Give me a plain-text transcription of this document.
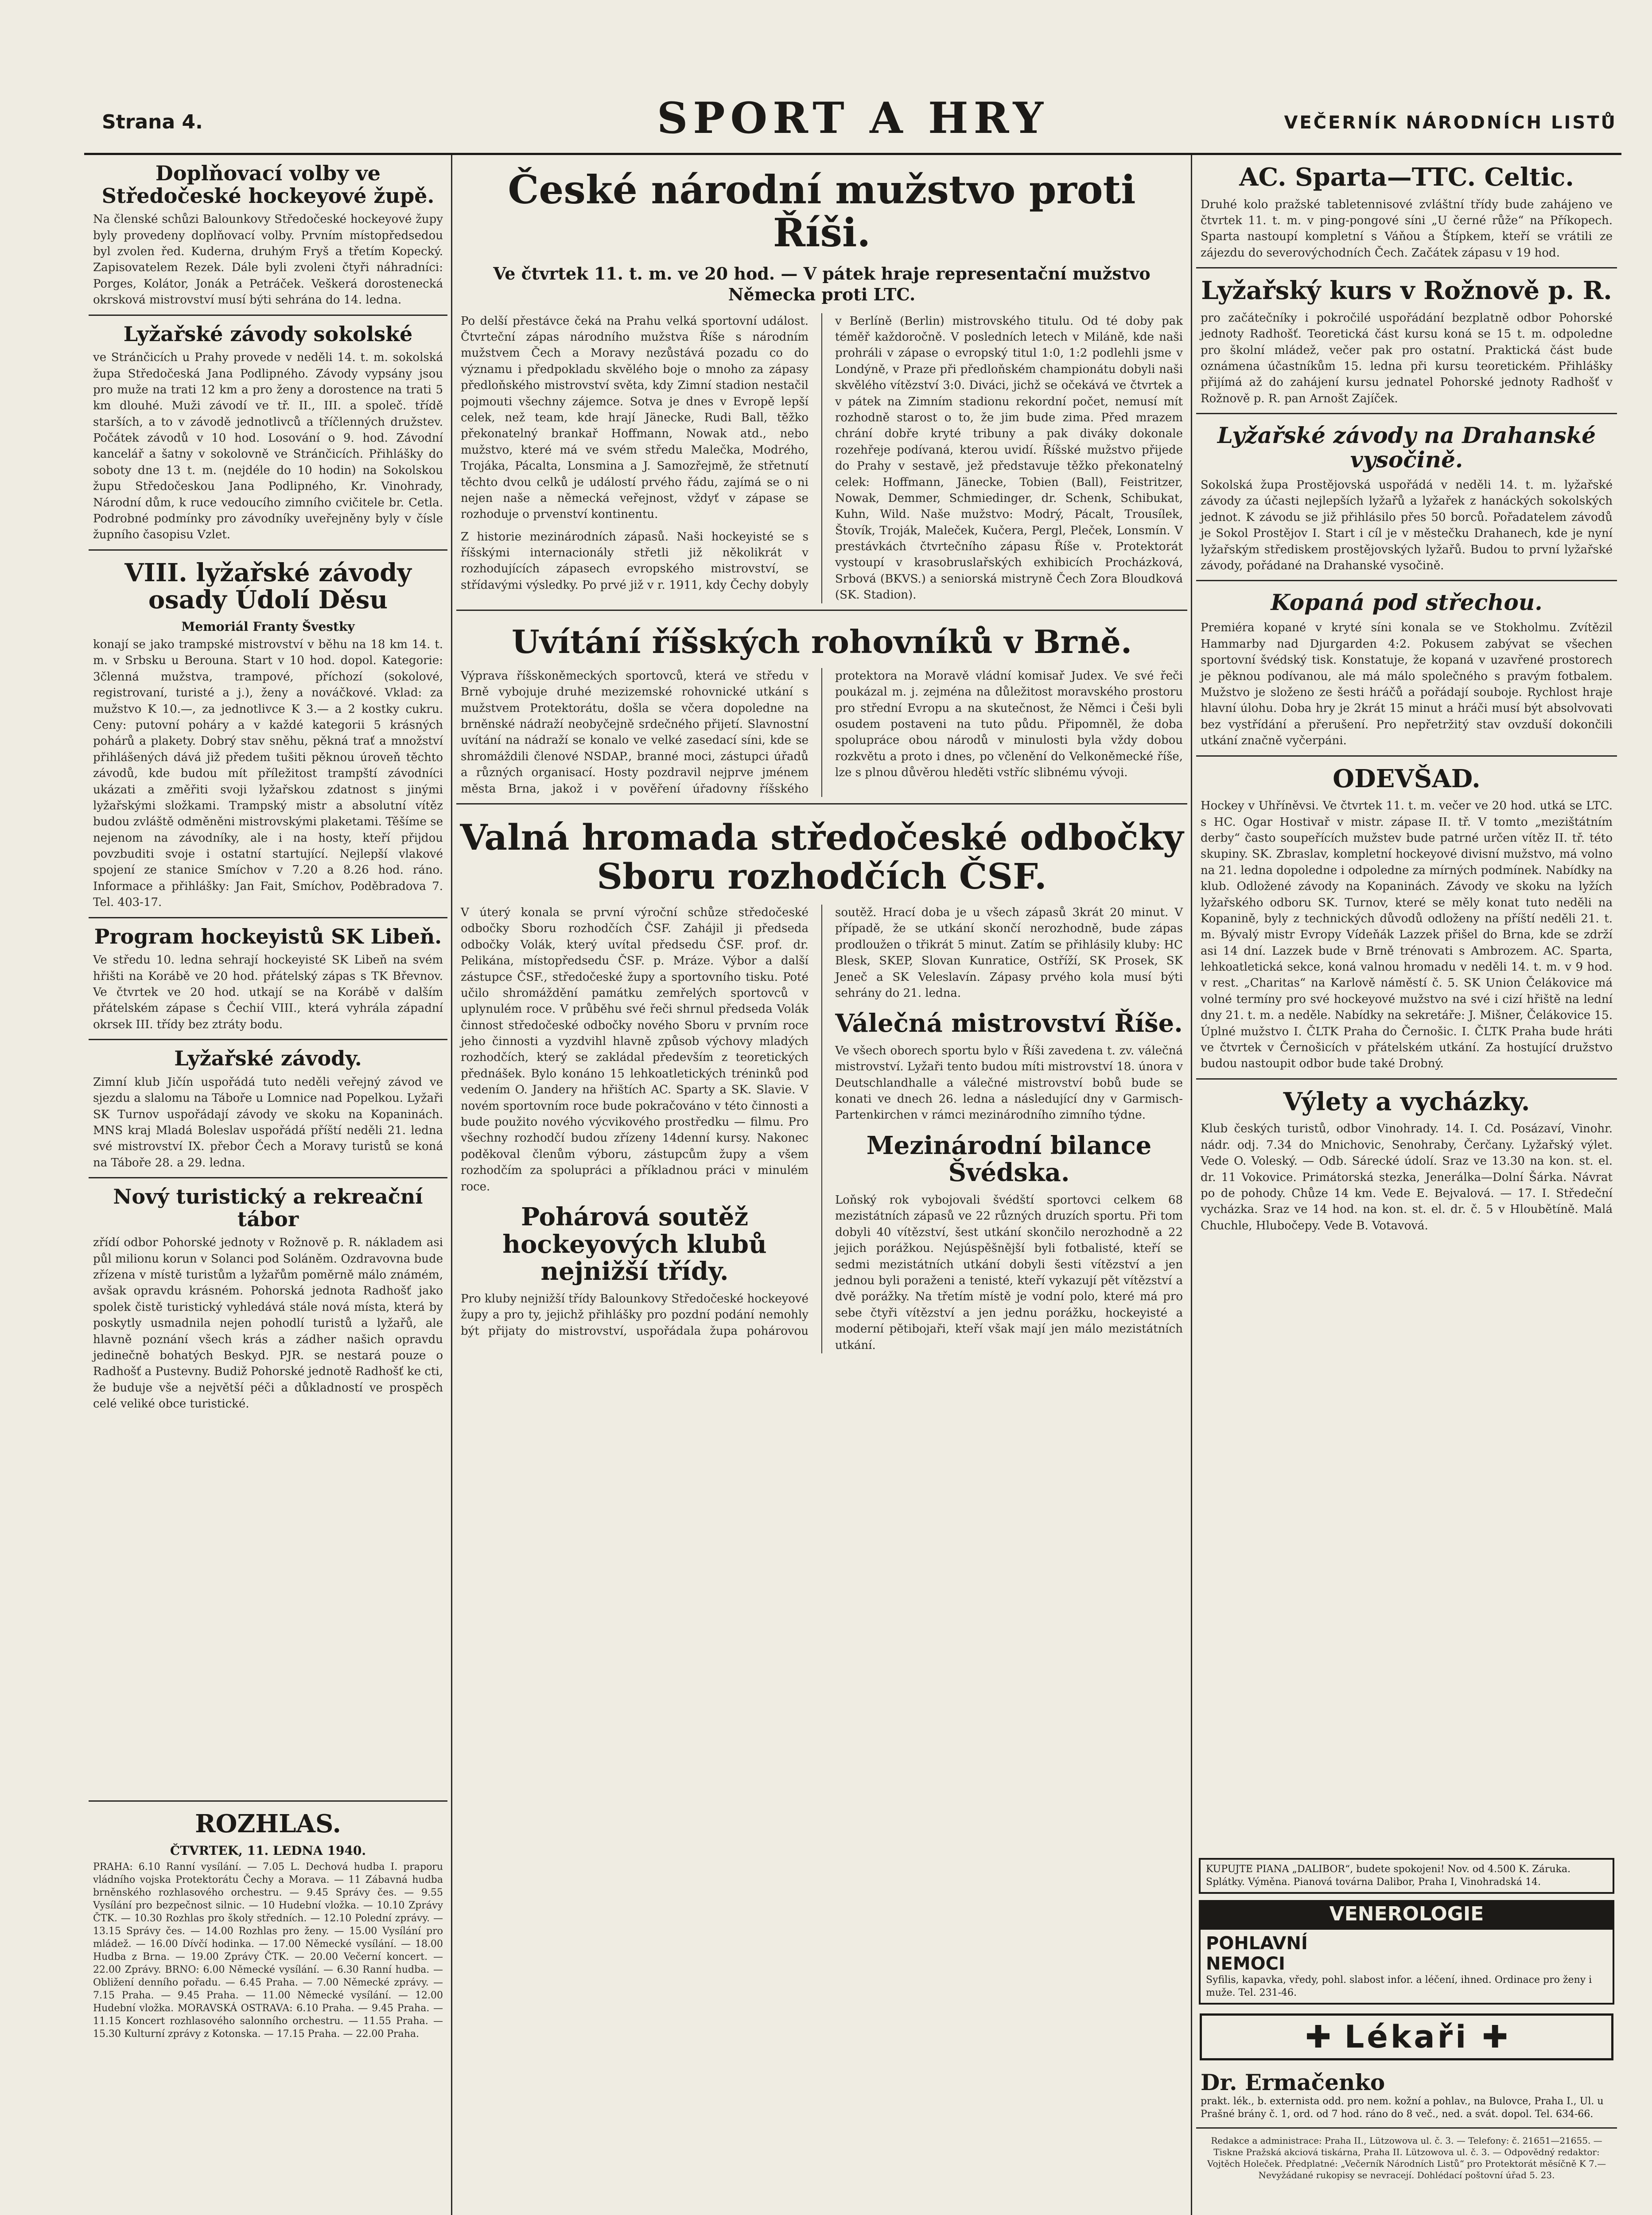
Strana 4.	SPORT A HRY	VEČERNÍK NÁRODNÍCH LISTŮ
Doplňovací volby ve Středočeské hockeyové župě.

Na členské schůzi Balounkovy Středočeské hockeyové župy byly provedeny doplňovací volby. Prvním místopředsedou byl zvolen řed. Kuderna, druhým Fryš a třetím Kopecký. Zapisovatelem Rezek. Dále byli zvoleni čtyři náhradníci: Porges, Kolátor, Jonák a Petráček. Veškerá dorostenecká okrsková mistrovství musí býti sehrána do 14. ledna.

Lyžařské závody sokolské

ve Stránčicích u Prahy provede v neděli 14. t. m. sokolská župa Středočeská Jana Podlipného. Závody vypsány jsou pro muže na trati 12 km a pro ženy a dorostence na trati 5 km dlouhé. Muži závodí ve tř. II., III. a společ. třídě starších, a to v závodě jednotlivců a tříčlenných družstev. Počátek závodů v 10 hod. Losování o 9. hod. Závodní kancelář a šatny v sokolovně ve Stránčicích. Přihlášky do soboty dne 13 t. m. (nejdéle do 10 hodin) na Sokolskou župu Středočeskou Jana Podlipného, Kr. Vinohrady, Národní dům, k ruce vedoucího zimního cvičitele br. Cetla. Podrobné podmínky pro závodníky uveřejněny byly v čísle župního časopisu Vzlet.

VIII. lyžařské závody osady Údolí Děsu
Memoriál Franty Švestky

konají se jako trampské mistrovství v běhu na 18 km 14. t. m. v Srbsku u Berouna. Start v 10 hod. dopol. Kategorie: 3členná mužstva, trampové, příchozí (sokolové, registrovaní, turisté a j.), ženy a nováčkové. Vklad: za mužstvo K 10.—, za jednotlivce K 3.— a 2 kostky cukru. Ceny: putovní poháry a v každé kategorii 5 krásných pohárů a plakety. Dobrý stav sněhu, pěkná trať a množství přihlášených dává již předem tušiti pěknou úroveň těchto závodů, kde budou mít příležitost trampští závodníci ukázati a změřiti svoji lyžařskou zdatnost s jinými lyžařskými složkami. Trampský mistr a absolutní vítěz budou zvláště odměněni mistrovskými plaketami. Těšíme se nejenom na závodníky, ale i na hosty, kteří přijdou povzbuditi svoje i ostatní startující. Nejlepší vlakové spojení ze stanice Smíchov v 7.20 a 8.26 hod. ráno. Informace a přihlášky: Jan Fait, Smíchov, Poděbradova 7. Tel. 403-17.

Program hockeyistů SK Libeň.

Ve středu 10. ledna sehrají hockeyisté SK Libeň na svém hřišti na Korábě ve 20 hod. přátelský zápas s TK Břevnov. Ve čtvrtek ve 20 hod. utkají se na Korábě v dalším přátelském zápase s Čechií VIII., která vyhrála západní okrsek III. třídy bez ztráty bodu.

Lyžařské závody.

Zimní klub Jičín uspořádá tuto neděli veřejný závod ve sjezdu a slalomu na Táboře u Lomnice nad Popelkou. Lyžaři SK Turnov uspořádají závody ve skoku na Kopaninách. MNS kraj Mladá Boleslav uspořádá příští neděli 21. ledna své mistrovství IX. přebor Čech a Moravy turistů se koná na Táboře 28. a 29. ledna.

Nový turistický a rekreační tábor

zřídí odbor Pohorské jednoty v Rožnově p. R. nákladem asi půl milionu korun v Solanci pod Soláněm. Ozdravovna bude zřízena v místě turistům a lyžařům poměrně málo známém, avšak opravdu krásném. Pohorská jednota Radhošť jako spolek čistě turistický vyhledává stále nová místa, která by poskytly usmadnila nejen pohodlí turistů a lyžařů, ale hlavně poznání všech krás a zádher našich opravdu jedinečně bohatých Beskyd. PJR. se nestará pouze o Radhošť a Pustevny. Budiž Pohorské jednotě Radhošť ke cti, že buduje vše a největší péči a důkladností ve prospěch celé veliké obce turistické.

ROZHLAS.
ČTVRTEK, 11. LEDNA 1940.

PRAHA: 6.10 Ranní vysílání. — 7.05 L. Dechová hudba I. praporu vládního vojska Protektorátu Čechy a Morava. — 11 Zábavná hudba brněnského rozhlasového orchestru. — 9.45 Správy čes. — 9.55 Vysílání pro bezpečnost silnic. — 10 Hudební vložka. — 10.10 Zprávy ČTK. — 10.30 Rozhlas pro školy středních. — 12.10 Polední zprávy. — 13.15 Správy čes. — 14.00 Rozhlas pro ženy. — 15.00 Vysílání pro mládež. — 16.00 Dívčí hodinka. — 17.00 Německé vysílání. — 18.00 Hudba z Brna. — 19.00 Zprávy ČTK. — 20.00 Večerní koncert. — 22.00 Zprávy. BRNO: 6.00 Německé vysílání. — 6.30 Ranní hudba. — Obližení denního pořadu. — 6.45 Praha. — 7.00 Německé zprávy. — 7.15 Praha. — 9.45 Praha. — 11.00 Německé vysílání. — 12.00 Hudební vložka. MORAVSKÁ OSTRAVA: 6.10 Praha. — 9.45 Praha. — 11.15 Koncert rozhlasového salonního orchestru. — 11.55 Praha. — 15.30 Kulturní zprávy z Kotonska. — 17.15 Praha. — 22.00 Praha.

České národní mužstvo proti Říši.
Ve čtvrtek 11. t. m. ve 20 hod. — V pátek hraje representační mužstvo Německa proti LTC.

Po delší přestávce čeká na Prahu velká sportovní událost. Čtvrteční zápas národního mužstva Říše s národním mužstvem Čech a Moravy nezůstává pozadu co do významu i předpokladu skvělého boje o mnoho za zápasy předloňského mistrovství světa, kdy Zimní stadion nestačil pojmouti všechny zájemce. Sotva je dnes v Evropě lepší celek, než team, kde hrají Jänecke, Rudi Ball, těžko překonatelný brankař Hoffmann, Nowak atd., nebo mužstvo, které má ve svém středu Malečka, Modrého, Trojáka, Pácalta, Lonsmina a J. Samozřejmě, že střetnutí těchto dvou celků je událostí prvého řádu, zajímá se o ni nejen naše a německá veřejnost, vždyť v zápase se rozhoduje o prvenství kontinentu.

Z historie mezinárodních zápasů. Naši hockeyisté se s říšskými internacionály střetli již několikrát v rozhodujících zápasech evropského mistrovství, se střídavými výsledky. Po prvé již v r. 1911, kdy Čechy dobyly v Berlíně (Berlin) mistrovského titulu. Od té doby pak téměř každoročně. V posledních letech v Miláně, kde naši prohráli v zápase o evropský titul 1:0, 1:2 podlehli jsme v Londýně, v Praze při předloňském championátu dobyli naši skvělého vítězství 3:0. Diváci, jichž se očekává ve čtvrtek a v pátek na Zimním stadionu rekordní počet, nemusí mít rozhodně starost o to, že jim bude zima. Před mrazem chrání dobře kryté tribuny a pak diváky dokonale rozehřeje podívaná, kterou uvidí. Říšské mužstvo přijede do Prahy v sestavě, jež představuje těžko překonatelný celek: Hoffmann, Jänecke, Tobien (Ball), Feistritzer, Nowak, Demmer, Schmiedinger, dr. Schenk, Schibukat, Kuhn, Wild. Naše mužstvo: Modrý, Pácalt, Trousílek, Štovík, Troják, Maleček, Kučera, Pergl, Pleček, Lonsmín. V prestávkách čtvrtečního zápasu Říše v. Protektorát vystoupí v krasobruslařských exhibicích Procházková, Srbová (BKVS.) a seniorská mistryně Čech Zora Bloudková (SK. Stadion).

Uvítání říšských rohovníků v Brně.

Výprava říšskoněmeckých sportovců, která ve středu v Brně vybojuje druhé mezizemské rohovnické utkání s mužstvem Protektorátu, došla se včera dopoledne na brněnské nádraží neobyčejně srdečného přijetí. Slavnostní uvítání na nádraží se konalo ve velké zasedací síni, kde se shromáždili členové NSDAP., branné moci, zástupci úřadů a různých organisací. Hosty pozdravil nejprve jménem města Brna, jakož i v pověření úřadovny říšského protektora na Moravě vládní komisař Judex. Ve své řeči poukázal m. j. zejména na důležitost moravského prostoru pro střední Evropu a na skutečnost, že Němci i Češi byli osudem postaveni na tuto půdu. Připomněl, že doba spolupráce obou národů v minulosti byla vždy dobou rozkvětu a proto i dnes, po včlenění do Velkoněmecké říše, lze s plnou důvěrou hleděti vstříc slibnému vývoji.

Valná hromada středočeské odbočky Sboru rozhodčích ČSF.

V úterý konala se první výroční schůze středočeské odbočky Sboru rozhodčích ČSF. Zahájil ji předseda odbočky Volák, který uvítal předsedu ČSF. prof. dr. Pelikána, místopředsedu ČSF. p. Mráze. Výbor a další zástupce ČSF., středočeské župy a sportovního tisku. Poté učilo shromáždění památku zemřelých sportovců v uplynulém roce. V průběhu své řeči shrnul předseda Volák činnost středočeské odbočky nového Sboru v prvním roce jeho činnosti a vyzdvihl hlavně způsob výchovy mladých rozhodčích, který se zakládal především z teoretických přednášek. Bylo konáno 15 lehkoatletických tréninků pod vedením O. Jandery na hřištích AC. Sparty a SK. Slavie. V novém sportovním roce bude pokračováno v této činnosti a bude použito nového výcvikového prostředku — filmu. Pro všechny rozhodčí budou zřízeny 14denní kursy. Nakonec poděkoval členům výboru, zástupcům župy a všem rozhodčím za spolupráci a příkladnou práci v minulém roce.

Pohárová soutěž hockeyových klubů nejnižší třídy.

Pro kluby nejnižší třídy Balounkovy Středočeské hockeyové župy a pro ty, jejichž přihlášky pro pozdní podání nemohly být přijaty do mistrovství, uspořádala župa pohárovou soutěž. Hrací doba je u všech zápasů 3krát 20 minut. V případě, že se utkání skončí nerozhodně, bude zápas prodloužen o třikrát 5 minut. Zatím se přihlásily kluby: HC Blesk, SKEP, Slovan Kunratice, Ostříží, SK Prosek, SK Jeneč a SK Veleslavín. Zápasy prvého kola musí býti sehrány do 21. ledna.

Válečná mistrovství Říše.

Ve všech oborech sportu bylo v Říši zavedena t. zv. válečná mistrovství. Lyžaři tento budou míti mistrovství 18. února v Deutschlandhalle a válečné mistrovství bobů bude se konati ve dnech 26. ledna a následující dny v Garmisch-Partenkirchen v rámci mezinárodního zimního týdne.

Mezinárodní bilance Švédska.

Loňský rok vybojovali švédští sportovci celkem 68 mezistátních zápasů ve 22 různých druzích sportu. Při tom dobyli 40 vítězství, šest utkání skončilo nerozhodně a 22 jejich porážkou. Nejúspěšnější byli fotbalisté, kteří se sedmi mezistátních utkání dobyli šesti vítězství a jen jednou byli poraženi a tenisté, kteří vykazují pět vítězství a dvě porážky. Na třetím místě je vodní polo, které má pro sebe čtyři vítězství a jen jednu porážku, hockeyisté a moderní pětibojaři, kteří však mají jen málo mezistátních utkání.

AC. Sparta—TTC. Celtic.

Druhé kolo pražské tabletennisové zvláštní třídy bude zahájeno ve čtvrtek 11. t. m. v ping-pongové síni „U černé růže“ na Příkopech. Sparta nastoupí kompletní s Váňou a Štípkem, kteří se vrátili ze zájezdu do severovýchodních Čech. Začátek zápasu v 19 hod.

Lyžařský kurs v Rožnově p. R.

pro začátečníky i pokročilé uspořádání bezplatně odbor Pohorské jednoty Radhošť. Teoretická část kursu koná se 15 t. m. odpoledne pro školní mládež, večer pak pro ostatní. Praktická část bude oznámena účastníkům 15. ledna při kursu teoretickém. Přihlášky přijímá až do zahájení kursu jednatel Pohorské jednoty Radhošť v Rožnově p. R. pan Arnošt Zajíček.

Lyžařské závody na Drahanské vysočině.

Sokolská župa Prostějovská uspořádá v neděli 14. t. m. lyžařské závody za účasti nejlepších lyžařů a lyžařek z hanáckých sokolských jednot. K závodu se již přihlásilo přes 50 borců. Pořadatelem závodů je Sokol Prostějov I. Start i cíl je v městečku Drahanech, kde je nyní lyžařským střediskem prostějovských lyžařů. Budou to první lyžařské závody, pořádané na Drahanské vysočině.

Kopaná pod střechou.

Premiéra kopané v kryté síni konala se ve Stokholmu. Zvítězil Hammarby nad Djurgarden 4:2. Pokusem zabývat se všechen sportovní švédský tisk. Konstatuje, že kopaná v uzavřené prostorech je pěknou podívanou, ale má málo společného s pravým fotbalem. Mužstvo je složeno ze šesti hráčů a pořádají souboje. Rychlost hraje hlavní úlohu. Doba hry je 2krát 15 minut a hráči musí být absolvovati bez vystřídání a přerušení. Pro nepřetržitý stav ovzduší dokončili utkání značně vyčerpáni.

ODEVŠAD.

Hockey v Uhříněvsi. Ve čtvrtek 11. t. m. večer ve 20 hod. utká se LTC. s HC. Ogar Hostivař v mistr. zápase II. tř. V tomto „mezištátním derby“ často soupeřících mužstev bude patrné určen vítěz II. tř. této skupiny. SK. Zbraslav, kompletní hockeyové divisní mužstvo, má volno na 21. ledna dopoledne i odpoledne za mírných podmínek. Nabídky na klub. Odložené závody na Kopaninách. Závody ve skoku na lyžích lyžařského odboru SK. Turnov, které se měly konat tuto neděli na Kopanině, byly z technických důvodů odloženy na příští neděli 21. t. m. Bývalý mistr Evropy Vídeňák Lazzek přišel do Brna, kde se zdrží asi 14 dní. Lazzek bude v Brně trénovati s Ambrozem. AC. Sparta, lehkoatletická sekce, koná valnou hromadu v neděli 14. t. m. v 9 hod. v rest. „Charitas“ na Karlově náměstí č. 5. SK Union Čelákovice má volné termíny pro své hockeyové mužstvo na své i cizí hřiště na lední dny 21. t. m. a neděle. Nabídky na sekretáře: J. Mišner, Čelákovice 15. Úplné mužstvo I. ČLTK Praha do Černošic. I. ČLTK Praha bude hráti ve čtvrtek v Černošicích v přátelském utkání. Za hostující družstvo budou nastoupit odbor bude také Drobný.

Výlety a vycházky.

Klub českých turistů, odbor Vinohrady. 14. I. Cd. Posázaví, Vinohr. nádr. odj. 7.34 do Mnichovic, Senohraby, Čerčany. Lyžařský výlet. Vede O. Voleský. — Odb. Sárecké údolí. Sraz ve 13.30 na kon. st. el. dr. 11 Vokovice. Primátorská stezka, Jenerálka—Dolní Šárka. Návrat po de pohody. Chůze 14 km. Vede E. Bejvalová. — 17. I. Středeční vycházka. Sraz ve 14 hod. na kon. st. el. dr. č. 5 v Hloubětíně. Malá Chuchle, Hlubočepy. Vede B. Votavová.

KUPUJTE PIANA „DALIBOR“, budete spokojeni! Nov. od 4.500 K. Záruka. Splátky. Výměna. Pianová továrna Dalibor, Praha I, Vinohradská 14.
VENEROLOGIE
POHLAVNÍ
NEMOCI
Syfilis, kapavka, vředy, pohl. slabost infor. a léčení, ihned. Ordinace pro ženy i muže. Tel. 231-46.
✚ Lékaři ✚
Dr. Ermačenko
prakt. lék., b. externista odd. pro nem. kožní a pohlav., na Bulovce, Praha I., Ul. u Prašné brány č. 1, ord. od 7 hod. ráno do 8 več., ned. a svát. dopol. Tel. 634-66.
Redakce a administrace: Praha II., Lützowova ul. č. 3. — Telefony: č. 21651—21655. — Tiskne Pražská akciová tiskárna, Praha II. Lützowova ul. č. 3. — Odpovědný redaktor: Vojtěch Holeček. Předplatné: „Večerník Národních Listů“ pro Protektorát měsíčně K 7.— Nevyžádané rukopisy se nevracejí. Dohlédací poštovní úřad 5. 23.
